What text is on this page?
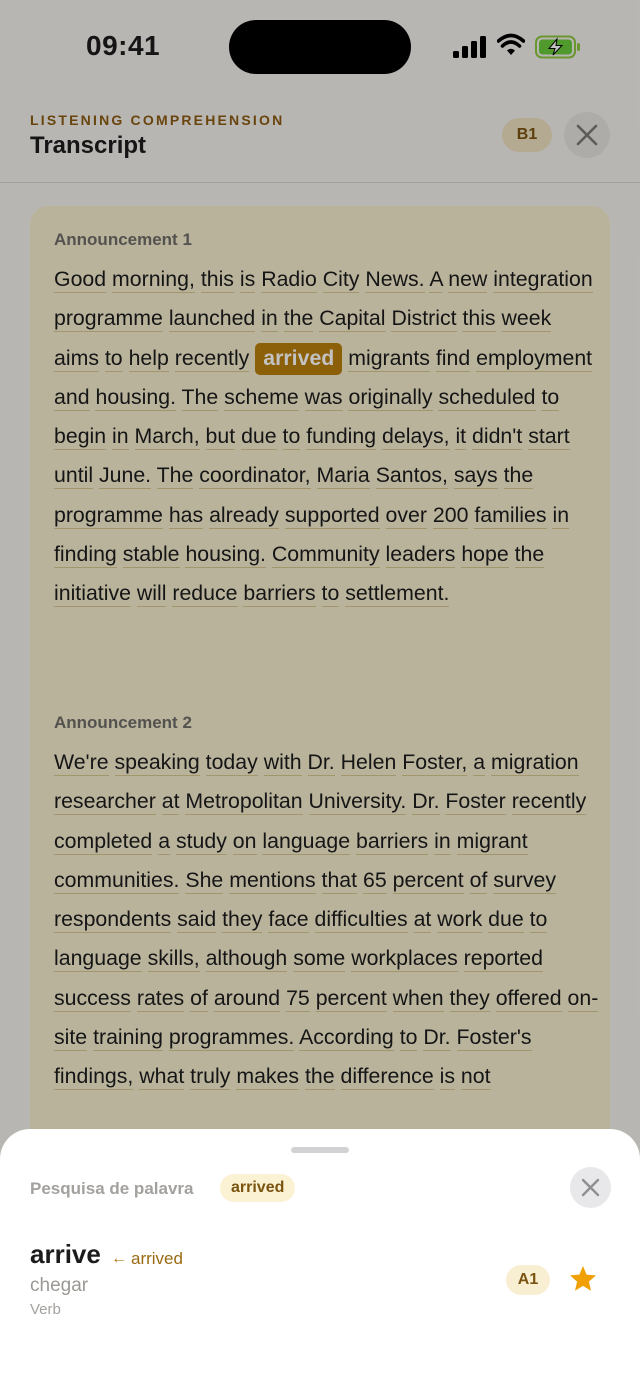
09:41
LISTENING COMPREHENSION
Transcript	B1
Announcement 1
Good morning, this is Radio City News. A new integration programme launched in the Capital District this week aims to help recently arrived migrants find employment and housing. The scheme was originally scheduled to begin in March, but due to funding delays, it didn't start until June. The coordinator, Maria Santos, says the programme has already supported over 200 families in finding stable housing. Community leaders hope the initiative will reduce barriers to settlement.
Announcement 2
We're speaking today with Dr. Helen Foster, a migration researcher at Metropolitan University. Dr. Foster recently completed a study on language barriers in migrant communities. She mentions that 65 percent of survey respondents said they face difficulties at work due to language skills, although some workplaces reported success rates of around 75 percent when they offered on-site training programmes. According to Dr. Foster's findings, what truly makes the difference is not
Pesquisa de palavra	arrived
arrive ← arrived
chegar
Verb
A1
